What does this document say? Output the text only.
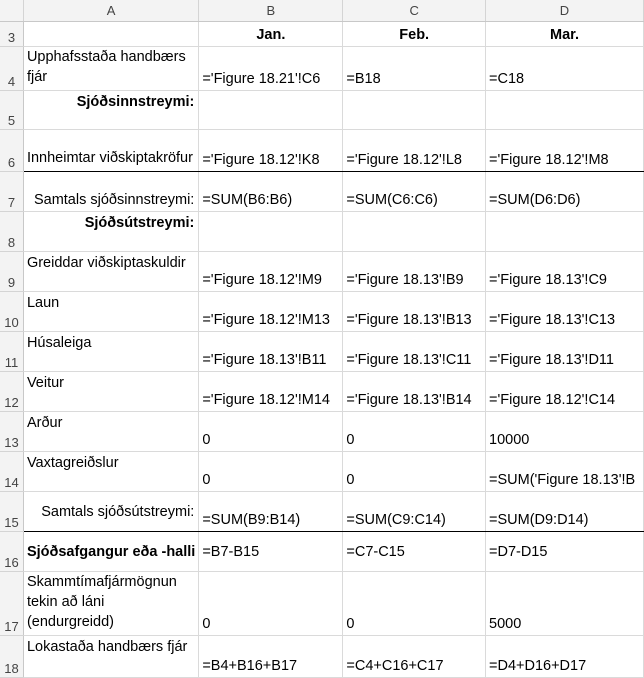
	A	B	C	D
3		Jan.	Feb.	Mar.
4	Upphafsstaða handbærs fjár	='Figure 18.21'!C6	=B18	=C18
5	Sjóðsinnstreymi:			
6	Innheimtar viðskiptakröfur	='Figure 18.12'!K8	='Figure 18.12'!L8	='Figure 18.12'!M8
7	Samtals sjóðsinnstreymi:	=SUM(B6:B6)	=SUM(C6:C6)	=SUM(D6:D6)
8	Sjóðsútstreymi:			
9	Greiddar viðskiptaskuldir	='Figure 18.12'!M9	='Figure 18.13'!B9	='Figure 18.13'!C9
10	Laun	='Figure 18.12'!M13	='Figure 18.13'!B13	='Figure 18.13'!C13
11	Húsaleiga	='Figure 18.13'!B11	='Figure 18.13'!C11	='Figure 18.13'!D11
12	Veitur	='Figure 18.12'!M14	='Figure 18.13'!B14	='Figure 18.12'!C14
13	Arður	0	0	10000
14	Vaxtagreiðslur	0	0	=SUM('Figure 18.13'!B
15	Samtals sjóðsútstreymi:	=SUM(B9:B14)	=SUM(C9:C14)	=SUM(D9:D14)
16	Sjóðsafgangur eða -halli	=B7-B15	=C7-C15	=D7-D15
17	Skammtímafjármögnun tekin að láni (endurgreidd)	0	0	5000
18	Lokastaða handbærs fjár	=B4+B16+B17	=C4+C16+C17	=D4+D16+D17
